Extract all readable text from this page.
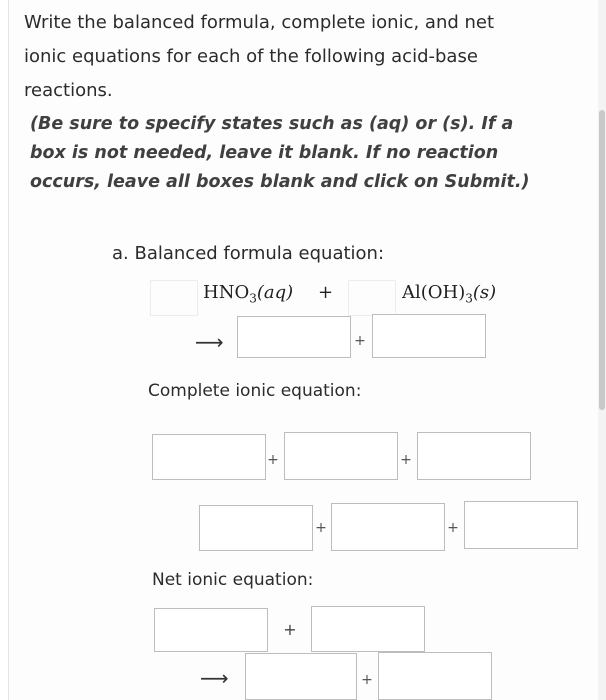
Write the balanced formula, complete ionic, and net ionic equations for each of the following acid-base reactions.

(Be sure to specify states such as (aq) or (s). If a box is not needed, leave it blank. If no reaction occurs, leave all boxes blank and click on Submit.)

a. Balanced formula equation:
$HNO_3(aq)$ +	$Al(OH)_3(s)$
⟶	+
Complete ionic equation:
+	+
+	+
Net ionic equation:
+
⟶	+
